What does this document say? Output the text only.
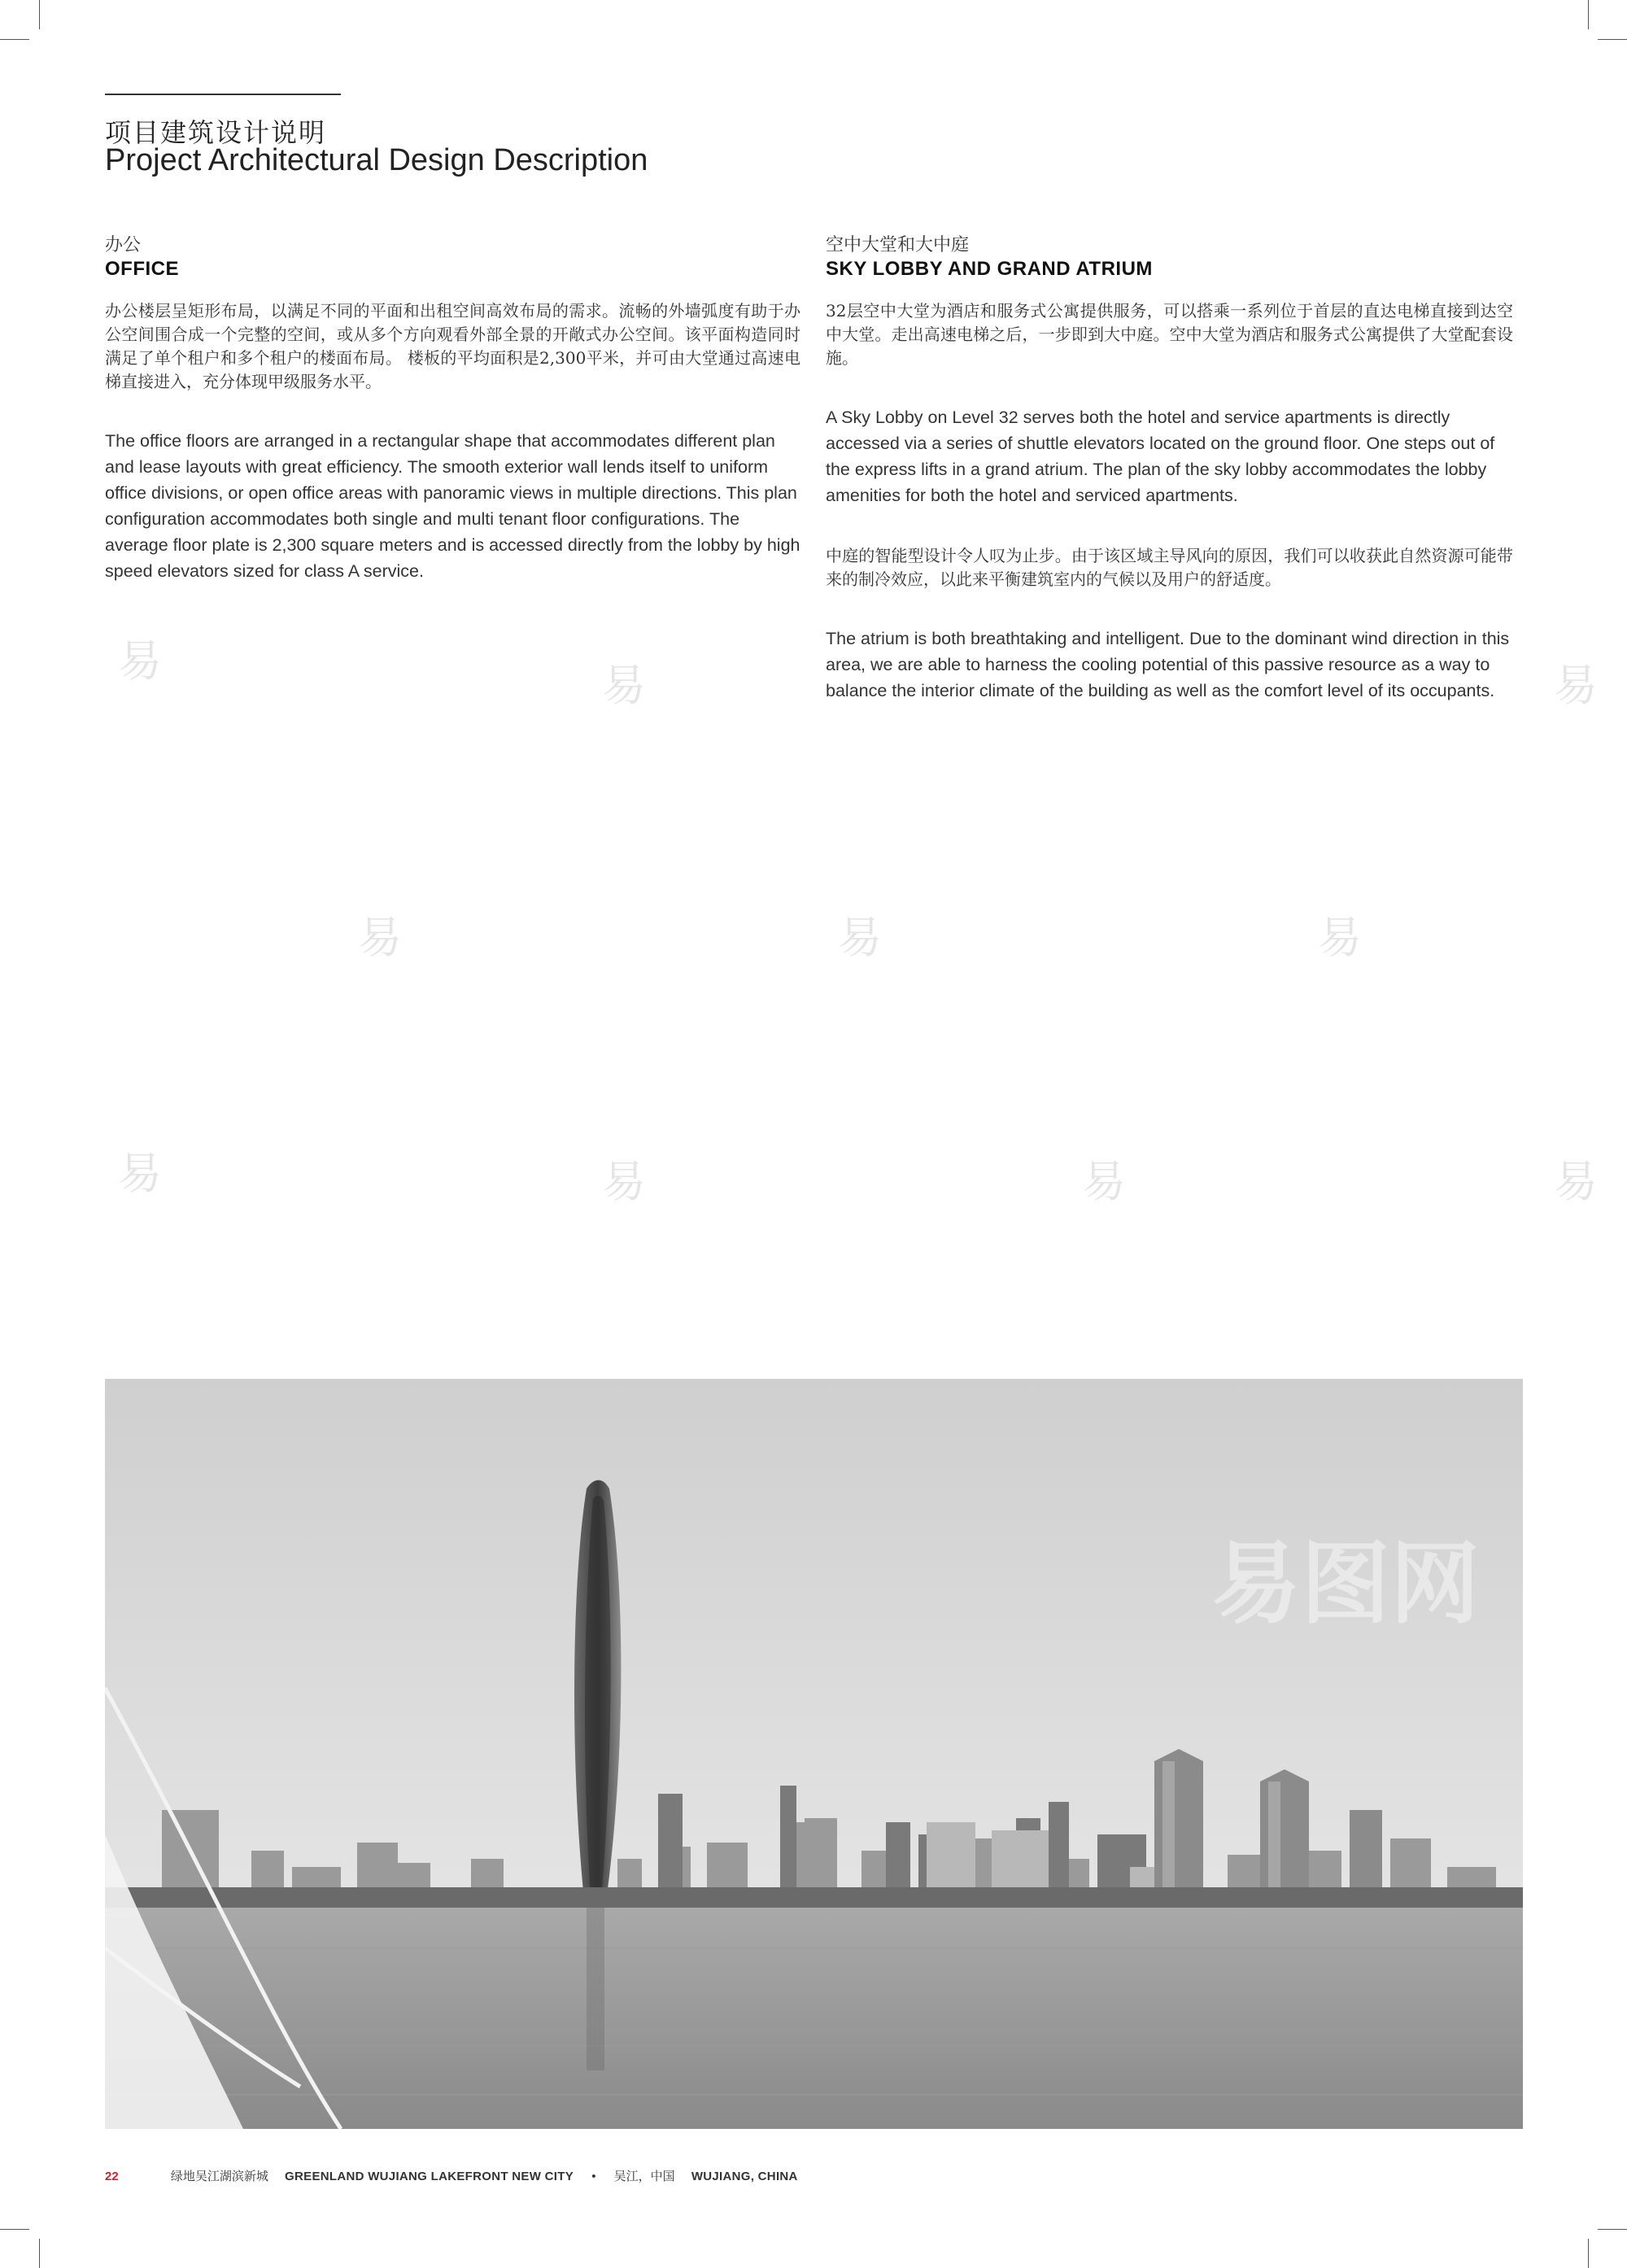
项目建筑设计说明
Project Architectural Design Description
办公
OFFICE

办公楼层呈矩形布局，以满足不同的平面和出租空间高效布局的需求。流畅的外墙弧度有助于办公空间围合成一个完整的空间，或从多个方向观看外部全景的开敞式办公空间。该平面构造同时满足了单个租户和多个租户的楼面布局。 楼板的平均面积是2,300平米，并可由大堂通过高速电梯直接进入，充分体现甲级服务水平。

The office floors are arranged in a rectangular shape that accommodates different plan and lease layouts with great efficiency. The smooth exterior wall lends itself to uniform office divisions, or open office areas with panoramic views in multiple directions. This plan configuration accommodates both single and multi tenant floor configurations. The average floor plate is 2,300 square meters and is accessed directly from the lobby by high speed elevators sized for class A service.

空中大堂和大中庭
SKY LOBBY AND GRAND ATRIUM

32层空中大堂为酒店和服务式公寓提供服务，可以搭乘一系列位于首层的直达电梯直接到达空中大堂。走出高速电梯之后，一步即到大中庭。空中大堂为酒店和服务式公寓提供了大堂配套设施。

A Sky Lobby on Level 32 serves both the hotel and service apartments is directly accessed via a series of shuttle elevators located on the ground floor. One steps out of the express lifts in a grand atrium. The plan of the sky lobby accommodates the lobby amenities for both the hotel and serviced apartments.

中庭的智能型设计令人叹为止步。由于该区域主导风向的原因，我们可以收获此自然资源可能带来的制冷效应，以此来平衡建筑室内的气候以及用户的舒适度。

The atrium is both breathtaking and intelligent. Due to the dominant wind direction in this area, we are able to harness the cooling potential of this passive resource as a way to balance the interior climate of the building as well as the comfort level of its occupants.

易	易	易
易	易	易
易	易	易	易
易图网
22	绿地吴江湖滨新城 GREENLAND WUJIANG LAKEFRONT NEW CITY • 吴江，中国 WUJIANG, CHINA
